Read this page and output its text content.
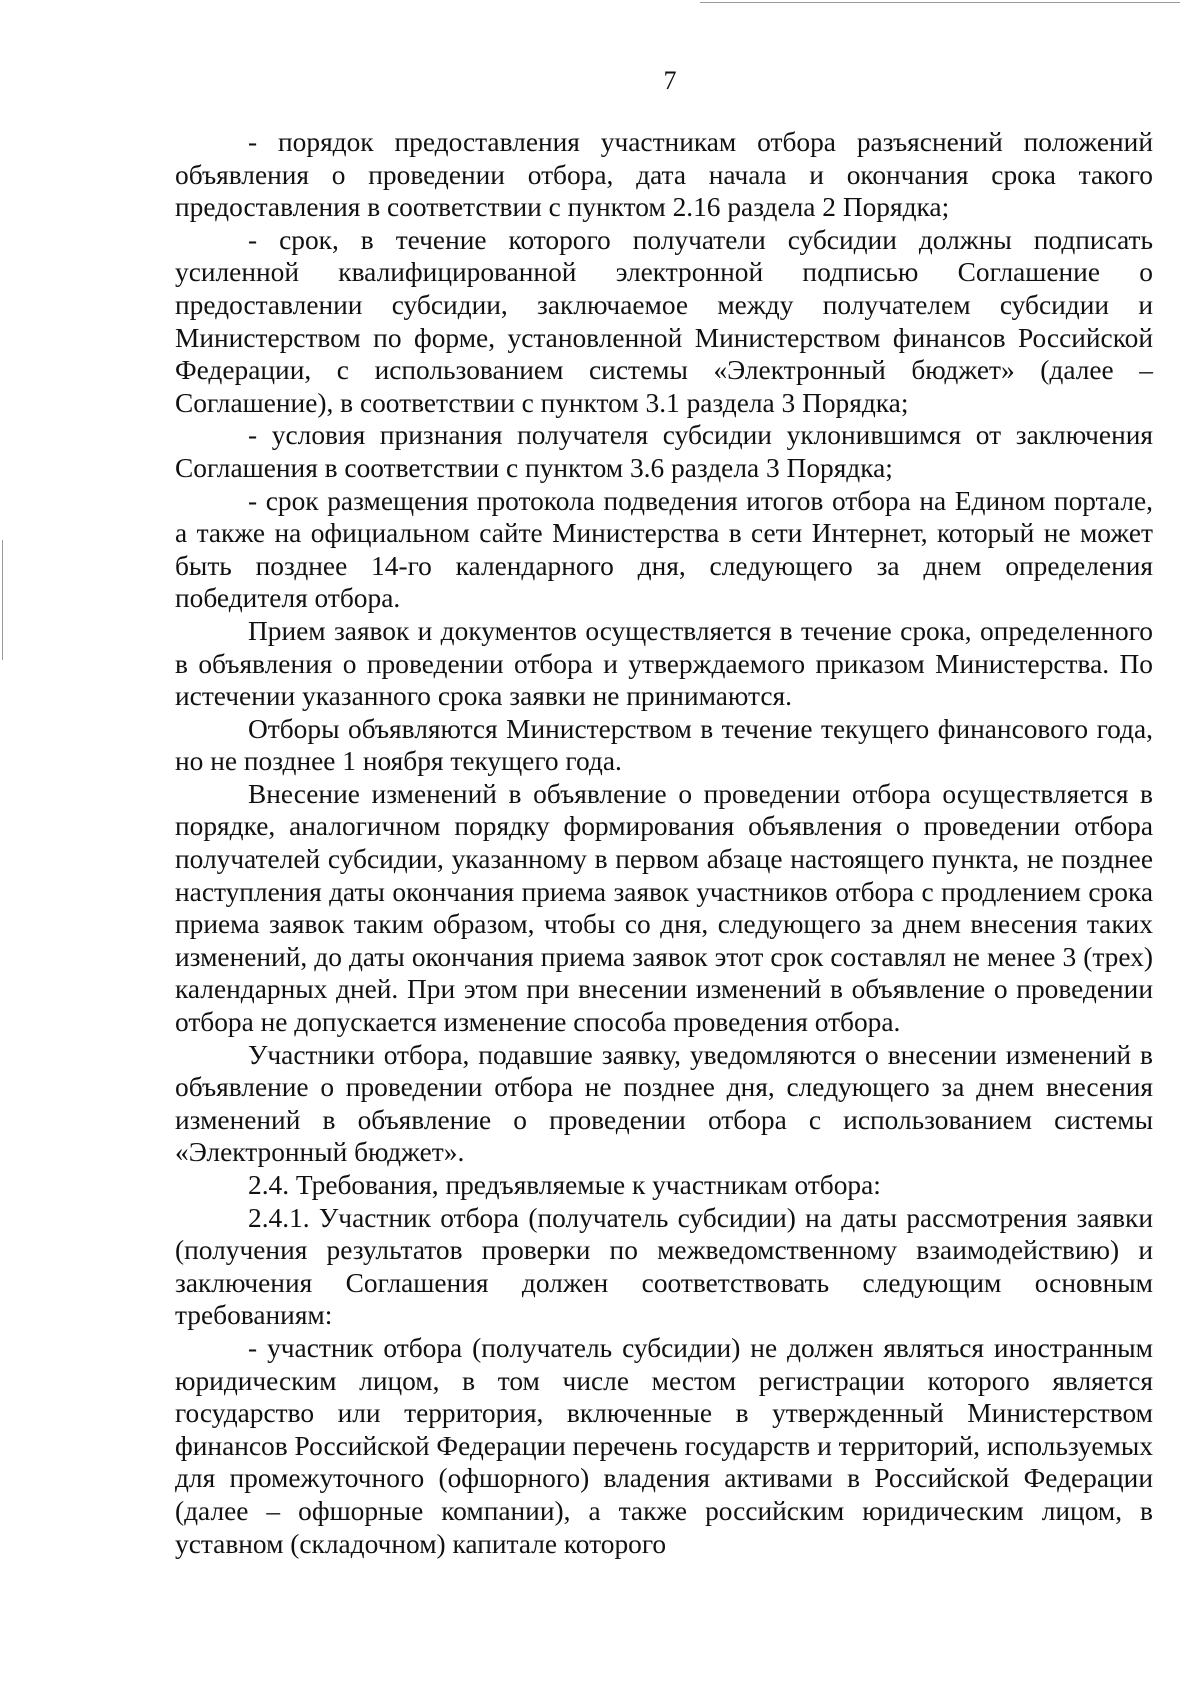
7

- порядок предоставления участникам отбора разъяснений положений объявления о проведении отбора, дата начала и окончания срока такого предоставления в соответствии с пунктом 2.16 раздела 2 Порядка;

- срок, в течение которого получатели субсидии должны подписать усиленной квалифицированной электронной подписью Соглашение о предоставлении субсидии, заключаемое между получателем субсидии и Министерством по форме, установленной Министерством финансов Российской Федерации, с использованием системы «Электронный бюджет» (далее – Соглашение), в соответствии с пунктом 3.1 раздела 3 Порядка;

- условия признания получателя субсидии уклонившимся от заключения Соглашения в соответствии с пунктом 3.6 раздела 3 Порядка;

- срок размещения протокола подведения итогов отбора на Едином портале, а также на официальном сайте Министерства в сети Интернет, который не может быть позднее 14-го календарного дня, следующего за днем определения победителя отбора.

Прием заявок и документов осуществляется в течение срока, определенного в объявления о проведении отбора и утверждаемого приказом Министерства. По истечении указанного срока заявки не принимаются.

Отборы объявляются Министерством в течение текущего финансового года, но не позднее 1 ноября текущего года.

Внесение изменений в объявление о проведении отбора осуществляется в порядке, аналогичном порядку формирования объявления о проведении отбора получателей субсидии, указанному в первом абзаце настоящего пункта, не позднее наступления даты окончания приема заявок участников отбора с продлением срока приема заявок таким образом, чтобы со дня, следующего за днем внесения таких изменений, до даты окончания приема заявок этот срок составлял не менее 3 (трех) календарных дней. При этом при внесении изменений в объявление о проведении отбора не допускается изменение способа проведения отбора.

Участники отбора, подавшие заявку, уведомляются о внесении изменений в объявление о проведении отбора не позднее дня, следующего за днем внесения изменений в объявление о проведении отбора с использованием системы «Электронный бюджет».

2.4. Требования, предъявляемые к участникам отбора:

2.4.1. Участник отбора (получатель субсидии) на даты рассмотрения заявки (получения результатов проверки по межведомственному взаимодействию) и заключения Соглашения должен соответствовать следующим основным требованиям:

- участник отбора (получатель субсидии) не должен являться иностранным юридическим лицом, в том числе местом регистрации которого является государство или территория, включенные в утвержденный Министерством финансов Российской Федерации перечень государств и территорий, используемых для промежуточного (офшорного) владения активами в Российской Федерации (далее – офшорные компании), а также российским юридическим лицом, в уставном (складочном) капитале которого
